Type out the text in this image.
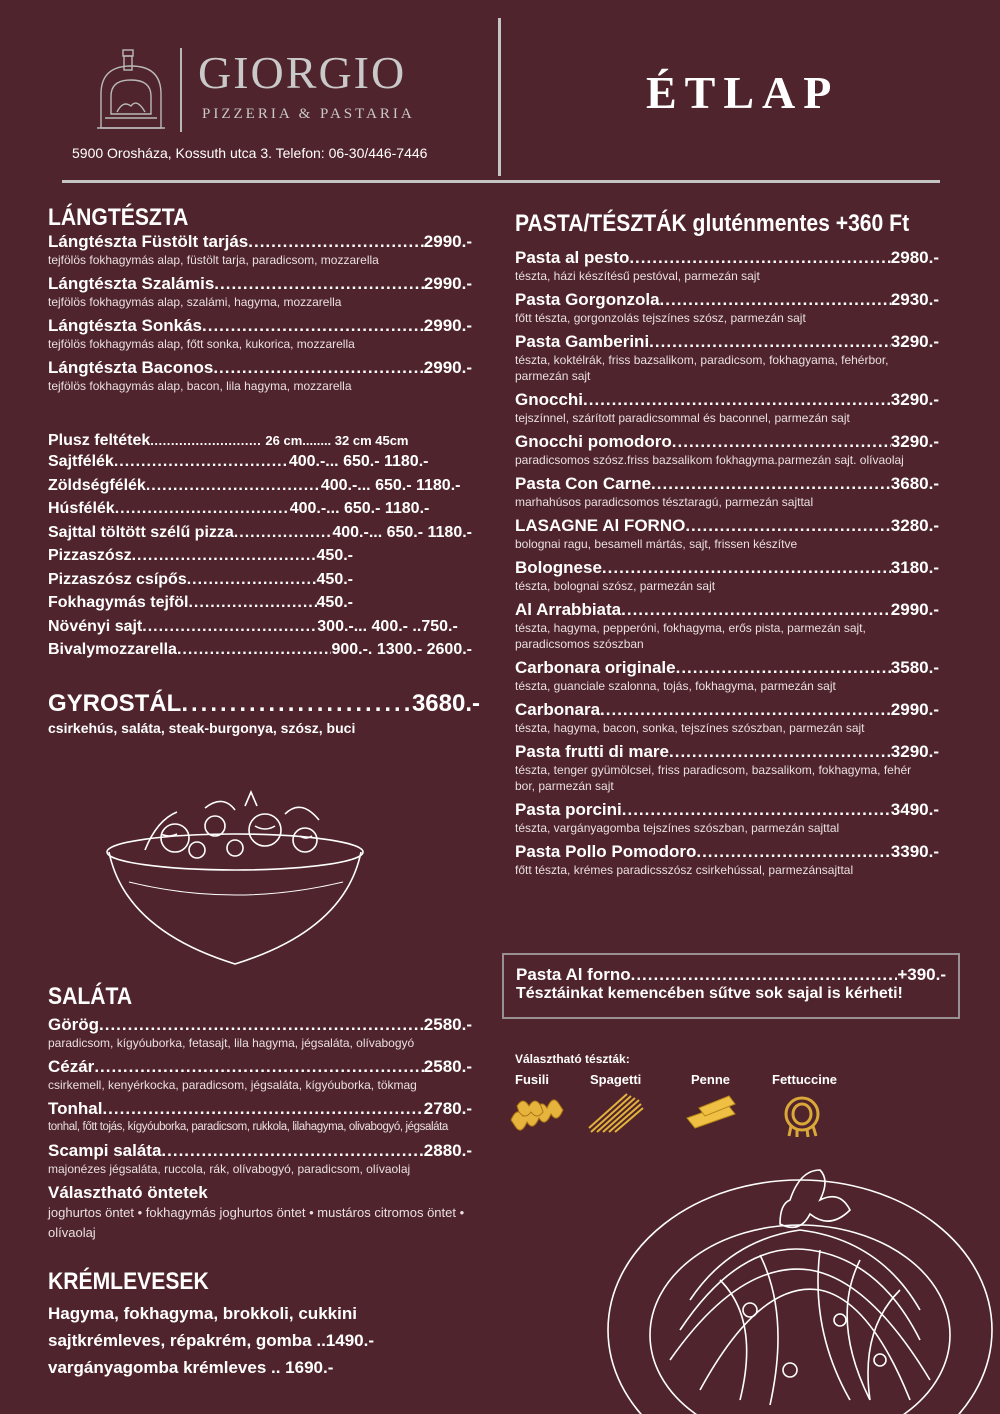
GIORGIO
PIZZERIA & PASTARIA
5900 Orosháza, Kossuth utca 3. Telefon: 06-30/446-7446
ÉTLAP
LÁNGTÉSZTA
Lángtészta Füstölt tarjás .....	2990.-
tejfölös fokhagymás alap, füstölt tarja, paradicsom, mozzarella
Lángtészta Szalámis .....	2990.-
tejfölös fokhagymás alap, szalámi, hagyma, mozzarella
Lángtészta Sonkás .....	2990.-
tejfölös fokhagymás alap, főtt sonka, kukorica, mozzarella
Lángtészta Baconos .....	2990.-
tejfölös fokhagymás alap, bacon, lila hagyma, mozzarella
Plusz feltétek ........................... 26 cm........ 32 cm 45cm
Sajtfélék .....	400.-... 650.- 1180.-
Zöldségfélék .....	400.-... 650.- 1180.-
Húsfélék .....	400.-... 650.- 1180.-
Sajttal töltött szélű pizza .....	400.-... 650.- 1180.-
Pizzaszósz .....	450.-
Pizzaszósz csípős .....	450.-
Fokhagymás tejföl .....	450.-
Növényi sajt .....	300.-... 400.- ..750.-
Bivalymozzarella .....	900.-. 1300.- 2600.-
GYROSTÁL .....	3680.-
csirkehús, saláta, steak-burgonya, szósz, buci
SALÁTA
Görög .....	2580.-
paradicsom, kígyóuborka, fetasajt, lila hagyma, jégsaláta, olívabogyó
Cézár .....	2580.-
csirkemell, kenyérkocka, paradicsom, jégsaláta, kígyóuborka, tökmag
Tonhal .....	2780.-
tonhal, főtt tojás, kígyóuborka, paradicsom, rukkola, lilahagyma, olivabogyó, jégsaláta
Scampi saláta .....	2880.-
majonézes jégsaláta, ruccola, rák, olívabogyó, paradicsom, olívaolaj
Választható öntetek
joghurtos öntet • fokhagymás joghurtos öntet • mustáros citromos öntet • olívaolaj
KRÉMLEVESEK
Hagyma, fokhagyma, brokkoli, cukkini
sajtkrémleves, répakrém, gomba ..1490.-
vargányagomba krémleves .. 1690.-
PASTA/TÉSZTÁK gluténmentes +360 Ft
Pasta al pesto .....	2980.-
tészta, házi készítésű pestóval, parmezán sajt
Pasta Gorgonzola .....	2930.-
főtt tészta, gorgonzolás tejszínes szósz, parmezán sajt
Pasta Gamberini .....	3290.-
tészta, koktélrák, friss bazsalikom, paradicsom, fokhagyama, fehérbor, parmezán sajt
Gnocchi .....	3290.-
tejszínnel, szárított paradicsommal és baconnel, parmezán sajt
Gnocchi pomodoro .....	3290.-
paradicsomos szósz.friss bazsalikom fokhagyma.parmezán sajt. olívaolaj
Pasta Con Carne .....	3680.-
marhahúsos paradicsomos tésztaragú, parmezán sajttal
LASAGNE Al FORNO .....	3280.-
bolognai ragu, besamell mártás, sajt, frissen készítve
Bolognese .....	3180.-
tészta, bolognai szósz, parmezán sajt
Al Arrabbiata .....	2990.-
tészta, hagyma, pepperóni, fokhagyma, erős pista, parmezán sajt, paradicsomos szószban
Carbonara originale .....	3580.-
tészta, guanciale szalonna, tojás, fokhagyma, parmezán sajt
Carbonara .....	2990.-
tészta, hagyma, bacon, sonka, tejszínes szószban, parmezán sajt
Pasta frutti di mare .....	3290.-
tészta, tenger gyümölcsei, friss paradicsom, bazsalikom, fokhagyma, fehér bor, parmezán sajt
Pasta porcini .....	3490.-
tészta, vargányagomba tejszínes szószban, parmezán sajttal
Pasta Pollo Pomodoro .....	3390.-
főtt tészta, krémes paradicsszósz csirkehússal, parmezánsajttal
Pasta Al forno .....	+390.-
Tésztáinkat kemencében sűtve sok sajal is kérheti!
Választható tészták:
Fusili	Spagetti	Penne	Fettuccine
